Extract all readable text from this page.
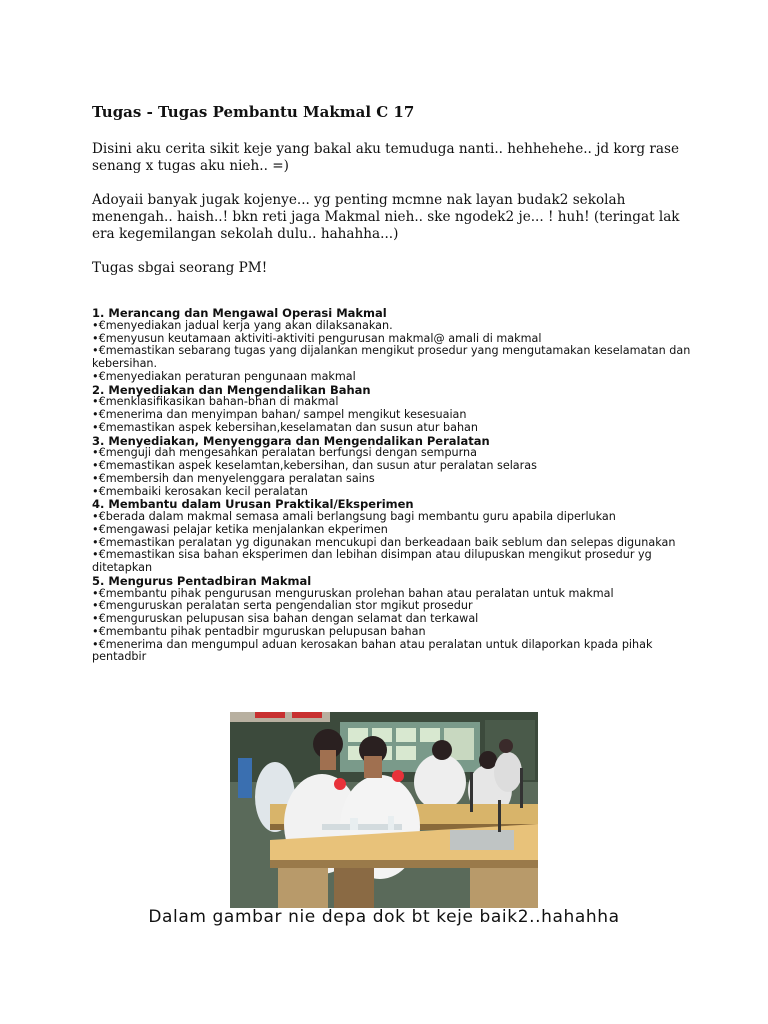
Tugas - Tugas Pembantu Makmal C 17
Disini aku cerita sikit keje yang bakal aku temuduga nanti.. hehhehehe.. jd korg rase senang x tugas aku nieh.. =)
Adoyaii banyak jugak kojenye... yg penting mcmne nak layan budak2 sekolah menengah.. haish..! bkn reti jaga Makmal nieh.. ske ngodek2 je... ! huh! (teringat lak era kegemilangan sekolah dulu.. hahahha...)
Tugas sbgai seorang PM!
1. Merancang dan Mengawal Operasi Makmal
•€menyediakan jadual kerja yang akan dilaksanakan.
•€menyusun keutamaan aktiviti-aktiviti pengurusan makmal@ amali di makmal
•€memastikan sebarang tugas yang dijalankan mengikut prosedur yang mengutamakan keselamatan dan kebersihan.
•€menyediakan peraturan pengunaan makmal
2. Menyediakan dan Mengendalikan Bahan
•€menklasifikasikan bahan-bhan di makmal
•€menerima dan menyimpan bahan/ sampel mengikut kesesuaian
•€memastikan aspek kebersihan,keselamatan dan susun atur bahan
3. Menyediakan, Menyenggara dan Mengendalikan Peralatan
•€menguji dah mengesahkan peralatan berfungsi dengan sempurna
•€memastikan aspek keselamtan,kebersihan, dan susun atur peralatan selaras
•€membersih dan menyelenggara peralatan sains
•€membaiki kerosakan kecil peralatan
4. Membantu dalam Urusan Praktikal/Eksperimen
•€berada dalam makmal semasa amali berlangsung bagi membantu guru apabila diperlukan
•€mengawasi pelajar ketika menjalankan ekperimen
•€memastikan peralatan yg digunakan mencukupi dan berkeadaan baik seblum dan selepas digunakan
•€memastikan sisa bahan eksperimen dan lebihan disimpan atau dilupuskan mengikut prosedur yg ditetapkan
5. Mengurus Pentadbiran Makmal
•€membantu pihak pengurusan menguruskan prolehan bahan atau peralatan untuk makmal
•€menguruskan peralatan serta pengendalian stor mgikut prosedur
•€menguruskan pelupusan sisa bahan dengan selamat dan terkawal
•€membantu pihak pentadbir mguruskan pelupusan bahan
•€menerima dan mengumpul aduan kerosakan bahan atau peralatan untuk dilaporkan kpada pihak pentadbir
Dalam gambar nie depa dok bt keje baik2..hahahha
